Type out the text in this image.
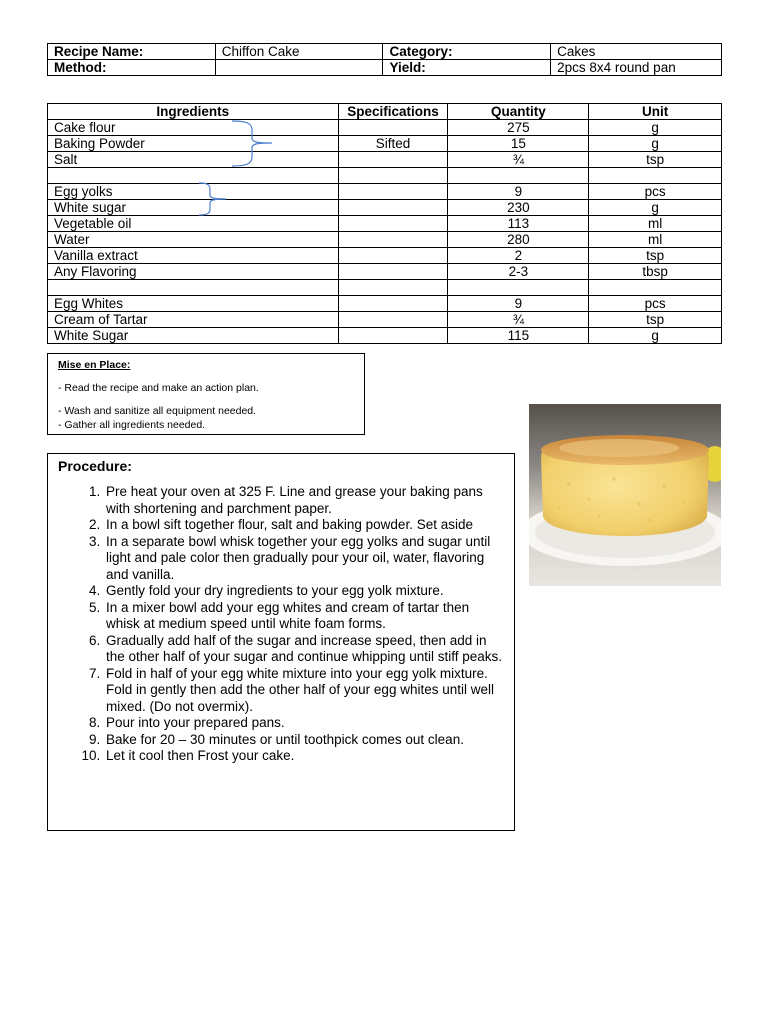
Recipe Name:	Chiffon Cake	Category:	Cakes
Method:		Yield:	2pcs 8x4 round pan
Ingredients	Specifications	Quantity	Unit
Cake flour		275	g
Baking Powder	Sifted	15	g
Salt		¾	tsp

Egg yolks		9	pcs
White sugar		230	g
Vegetable oil		113	ml
Water		280	ml
Vanilla extract		2	tsp
Any Flavoring		2-3	tbsp

Egg Whites		9	pcs
Cream of Tartar		¾	tsp
White Sugar		115	g
Mise en Place:
- Read the recipe and make an action plan.
- Wash and sanitize all equipment needed.
- Gather all ingredients needed.
Procedure:
1. Pre heat your oven at 325 F. Line and grease your baking pans with shortening and parchment paper.
2. In a bowl sift together flour, salt and baking powder. Set aside
3. In a separate bowl whisk together your egg yolks and sugar until light and pale color then gradually pour your oil, water, flavoring and vanilla.
4. Gently fold your dry ingredients to your egg yolk mixture.
5. In a mixer bowl add your egg whites and cream of tartar then whisk at medium speed until white foam forms.
6. Gradually add half of the sugar and increase speed, then add in the other half of your sugar and continue whipping until stiff peaks.
7. Fold in half of your egg white mixture into your egg yolk mixture. Fold in gently then add the other half of your egg whites until well mixed. (Do not overmix).
8. Pour into your prepared pans.
9. Bake for 20 – 30 minutes or until toothpick comes out clean.
10. Let it cool then Frost your cake.
